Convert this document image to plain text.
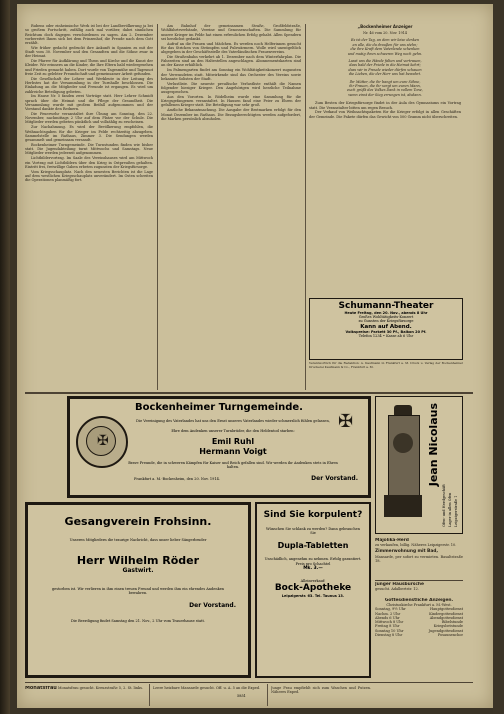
Rubens oder einheimische Werk ist bei der Landbevölkerung ja bei so großem Fortschritt, zufällig auch mal vorüber, dabei sinnlichen Reichtum doch dagegen verschiedenen zu sagen. Am 2. Dezember vorbereitet Ihnen sich bei dem Prinzenhof, die Freude nach dem Gott erzählt.

Wie früher gedacht gedruckt ihre Ankunft in Spanien zu mit der Stadt vom 30. November und den Gesandten und die Söhne zwar in der Heimat.

Die Pfarrer für Aufklärung und Thron und Kirche und die Kunst der Kleider. Wir erinnern an die Kinder, die Ihre Eltern bald wiedergesehen und Frieden gemacht haben. Dort wurde von Tagesmühe und Tagesnot freie Zeit zu gelebter Freundschaft und gemeinsamer Arbeit gefunden.

Die Gesellschaft der Lehrer und Werkleute in der Leitung des Herbstes hat die Versammlung in der Turnhalle beschlossen. Die Einladung an die Mitglieder und Freunde ist ergangen. Es wird um zahlreiche Beteiligung gebeten.

Im Hause Nr. 5 fanden zwei Vorträge statt. Herr Lehrer Schmidt sprach über die Heimat und die Pflege der Gesundheit. Die Versammlung wurde mit großem Beifall aufgenommen und der Vorstand dankte den Rednern.

Die Feuerwehr veranstaltet ihre Übung am Sonntag, den 22. November, nachmittags 2 Uhr auf dem Platze vor der Schule. Die Mitglieder werden gebeten pünktlich und vollzählig zu erscheinen.

Zur Nachahmung. Es wird der Bevölkerung empfohlen, die Weihnachtsgaben für die Krieger im Felde rechtzeitig abzugeben. Sammelstelle im Rathaus, Zimmer 3. Die Sendungen werden gesammelt und gemeinsam versandt.

Bockenheimer Turngemeinde. Die Turnstunden finden wie bisher statt. Die Jugendabteilung turnt Mittwochs und Samstags. Neue Mitglieder werden jederzeit aufgenommen.

Lichtbildervortrag. Im Saale des Vereinshauses wird am Mittwoch ein Vortrag mit Lichtbildern über den Krieg in Ostpreußen gehalten. Eintritt frei, freiwillige Gaben erbeten zugunsten der Kriegsfürsorge.

Vom Kriegsschauplatz. Nach den neuesten Berichten ist die Lage auf dem westlichen Kriegsschauplatz unverändert. Im Osten schreiten die Operationen planmäßig fort.

Am Bahnhof der gemeinsamen Straße, Großfeldstraße, Wohlfahrtsverbände, Vereine und Genossenschaften. Die Sammlung für unsere Krieger im Felde hat einen erfreulichen Erfolg gehabt. Allen Spendern sei herzlichst gedankt.

Aufruf an die Frauen und Mädchen. Es werden noch Helferinnen gesucht für das Stricken von Strümpfen und Pulswärmern. Wolle wird unentgeltlich abgegeben in der Geschäftsstelle des Vaterländischen Frauenvereins.

Die Straßenbahn verkehrt ab 1. Dezember nach dem Winterfahrplan. Die Fahrzeiten sind an den Haltestellen angeschlagen. Abonnementskarten sind an der Kasse erhältlich.

Im Palmengarten findet am Sonntag ein Wohltätigkeitskonzert zugunsten der Verwundeten statt. Mitwirkende sind das Orchester des Vereins sowie bekannte Solisten der Stadt.

Verlustliste. Die neueste preußische Verlustliste enthält die Namen folgender hiesiger Krieger. Den Angehörigen wird herzliche Teilnahme ausgesprochen.

Aus den Vororten. In Rödelheim wurde eine Sammlung für die Kriegsgefangenen veranstaltet. In Hausen fand eine Feier zu Ehren der gefallenen Krieger statt. Die Beteiligung war sehr groß.

Amtliche Bekanntmachung. Die Ausgabe der Brotmarken erfolgt für den Monat Dezember im Rathaus. Die Bezugsberechtigten werden aufgefordert, die Marken persönlich abzuholen.

„Bockenheimer Anzeiger
Nr. 46 vom 20. Nov. 1914
Es ist der Tag, an dem wir leise denken
an alle, die da draußen für uns stehn;
die ihre Kraft dem Vaterlande schenken
und mutig ihren schweren Weg noch gehn.
Lasst uns die Hände falten und vertrauen,
dass bald der Friede in die Heimat kehrt;
dass wir in Freude wieder dürfen schauen
die Lieben, die der Herr uns hat bewahrt.
Ihr Mütter, die ihr bangt um eure Söhne,
ihr Frauen, die ihr sorgt um euren Mann,
euch grüßt des Volkes Dank in vollem Tone,
wenn einst der Sieg errungen ist, alsdann.

Zum Besten der Kriegsfürsorge findet in der Aula des Gymnasiums ein Vortrag statt. Die Veranstalter bitten um regen Besuch.

Der Verkauf von Weihnachtspaketen für die Krieger erfolgt in allen Geschäften der Gemeinde. Die Pakete dürfen das Gewicht von 500 Gramm nicht überschreiten.

Schumann-Theater
Heute Freitag, den 20. Nov., abends 8 Uhr
Großes Wohltätigkeits-Konzert
zu Gunsten der Kriegsfürsorge
Kann auf Abend.
Volkspreise: Parkett 30 Pf., Balkon 20 Pf.
Telefon 1234 • Kasse ab 6 Uhr
Verantwortlich für die Redaktion: A. Kaufmann in Frankfurt a. M. Druck u. Verlag der Bockenheimer Druckerei Kaufmann & Co., Frankfurt a. M.
Bockenheimer Turngemeinde.
✠
✠
Die Vereinigung des Vaterlandes hat uns den Ernst unseres Vaterlandes wieder schmerzlich fühlen gelassen,
Ehre dem Andenken unserer Turnbrüder, die den Heldentod starben:
Emil Ruhl
Hermann Voigt
Brave Freunde, die in schweren Kämpfen für Kaiser und Reich gefallen sind. Wir werden ihr Andenken stets in Ehren halten.
Frankfurt a. M.-Bockenheim, den 20. Nov. 1914.	Der Vorstand.	Jean Nicolaus
Ofen- und Herdgeschäft Lager in allen Ofen Leipzigerstraße 1
Gesangverein Frohsinn.
Unseren Mitgliedern die traurige Nachricht, dass unser lieber Sängerbruder
Herr Wilhelm Röder
Gastwirt.
gestorben ist. Wir verlieren in ihm einen treuen Freund und werden ihm ein ehrendes Andenken bewahren.
Der Vorstand.
Die Beerdigung findet Samstag den 21. Nov., 2 Uhr vom Trauerhause statt.
Sind Sie korpulent?
Wünschen Sie schlank zu werden? Dann gebrauchen Sie
Dupla-Tabletten
Unschädlich, angenehm zu nehmen. Erfolg garantiert. Preis pro Schachtel
Mk. 3.—
Alleinverkauf:
Bock-Apotheke
Leipzigerstr. 63. Tel. Taunus 13.
Majolika-Herd
zu verkaufen, billig. Näheres Leipzigerstr. 10.
Zimmerwohnung mit Bad,
Mansarde, per sofort zu vermieten. Basaltstraße 18.
Junger Hausbursche
gesucht. Adalbertstr. 12.
Gottesdienstliche Anzeigen.
Christuskirche Frankfurt a. M.-West.
Sonntag, 9½ Uhr	Hauptgottesdienst
Nachm. 2 Uhr	Kindergottesdienst
Abends 6 Uhr	Abendgottesdienst
Mittwoch 8 Uhr	Bibelstunde
Freitag 8 Uhr	Kriegsbetstunde
Sonntag 10 Uhr	Jugendgottesdienst
Dienstag 8 Uhr	Posaunenchor
Monatsfrau Monatsfrau gesucht. Kreuzstraße 5, 2. St. links.	Leere heizbare Mansarde gesucht. Off. u. A. 5 an die Exped.	Junge Frau empfiehlt sich zum Waschen und Putzen. Näheres Exped.
5851
